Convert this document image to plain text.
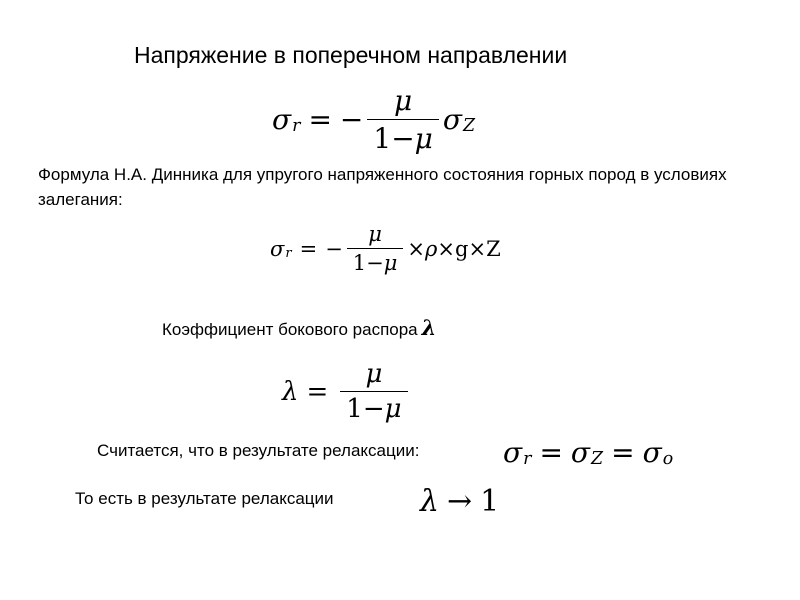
Напряжение в поперечном направлении
σ r = − $\frac{\mu}{1-\mu}$ σ Z
Формула Н.А. Динника для упругого напряженного состояния горных пород в условиях залегания:
σ r = − $\frac{\mu}{1-\mu} \times \rho \times g \times Z$
Коэффициент бокового распора λ
$\lambda = \frac{\mu}{1-\mu}$
Считается, что в результате релаксации:	σ r = σ Z = σ o
То есть в результате релаксации	λ → 1
